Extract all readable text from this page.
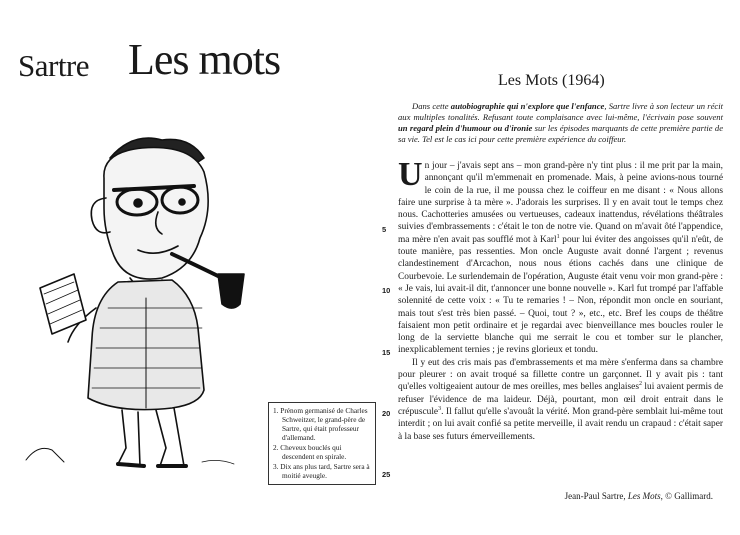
Sartre Les mots
1. Prénom germanisé de Charles Schweitzer, le grand-père de Sartre, qui était professeur d'allemand.
2. Cheveux bouclés qui descendent en spirale.
3. Dix ans plus tard, Sartre sera à moitié aveugle.
Les Mots (1964)

Dans cette autobiographie qui n'explore que l'enfance, Sartre livre à son lecteur un récit aux multiples tonalités. Refusant toute complaisance avec lui-même, l'écrivain pose souvent un regard plein d'humour ou d'ironie sur les épisodes marquants de cette première partie de sa vie. Tel est le cas ici pour cette première expérience du coiffeur.

Un jour – j'avais sept ans – mon grand-père n'y tint plus : il me prit par la main, annonçant qu'il m'emmenait en promenade. Mais, à peine avions-nous tourné le coin de la rue, il me poussa chez le coiffeur en me disant : « Nous allons faire une surprise à ta mère ». J'adorais les surprises. Il y en avait tout le temps chez nous. Cachotteries amusées ou vertueuses, cadeaux inattendus, révélations théâtrales suivies d'embrassements : c'était le ton de notre vie. Quand on m'avait ôté l'appendice, ma mère n'en avait pas soufflé mot à Karl$^1$ pour lui éviter des angoisses qu'il n'eût, de toute manière, pas ressenties. Mon oncle Auguste avait donné l'argent ; revenus clandestinement d'Arcachon, nous nous étions cachés dans une clinique de Courbevoie. Le surlendemain de l'opération, Auguste était venu voir mon grand-père : « Je vais, lui avait-il dit, t'annoncer une bonne nouvelle ». Karl fut trompé par l'affable solennité de cette voix : « Tu te remaries ! – Non, répondit mon oncle en souriant, mais tout s'est très bien passé. – Quoi, tout ? », etc., etc. Bref les coups de théâtre faisaient mon petit ordinaire et je regardai avec bienveillance mes boucles rouler le long de la serviette blanche qui me serrait le cou et tomber sur le plancher, inexplicablement ternies ; je revins glorieux et tondu.

Il y eut des cris mais pas d'embrassements et ma mère s'enferma dans sa chambre pour pleurer : on avait troqué sa fillette contre un garçonnet. Il y avait pis : tant qu'elles voltigeaient autour de mes oreilles, mes belles anglaises$^2$ lui avaient permis de refuser l'évidence de ma laideur. Déjà, pourtant, mon œil droit entrait dans le crépuscule$^3$. Il fallut qu'elle s'avouât la vérité. Mon grand-père semblait lui-même tout interdit ; on lui avait confié sa petite merveille, il avait rendu un crapaud : c'était saper à la base ses futurs émerveillements.

5
10
15
20
25
Jean-Paul Sartre, Les Mots, © Gallimard.
